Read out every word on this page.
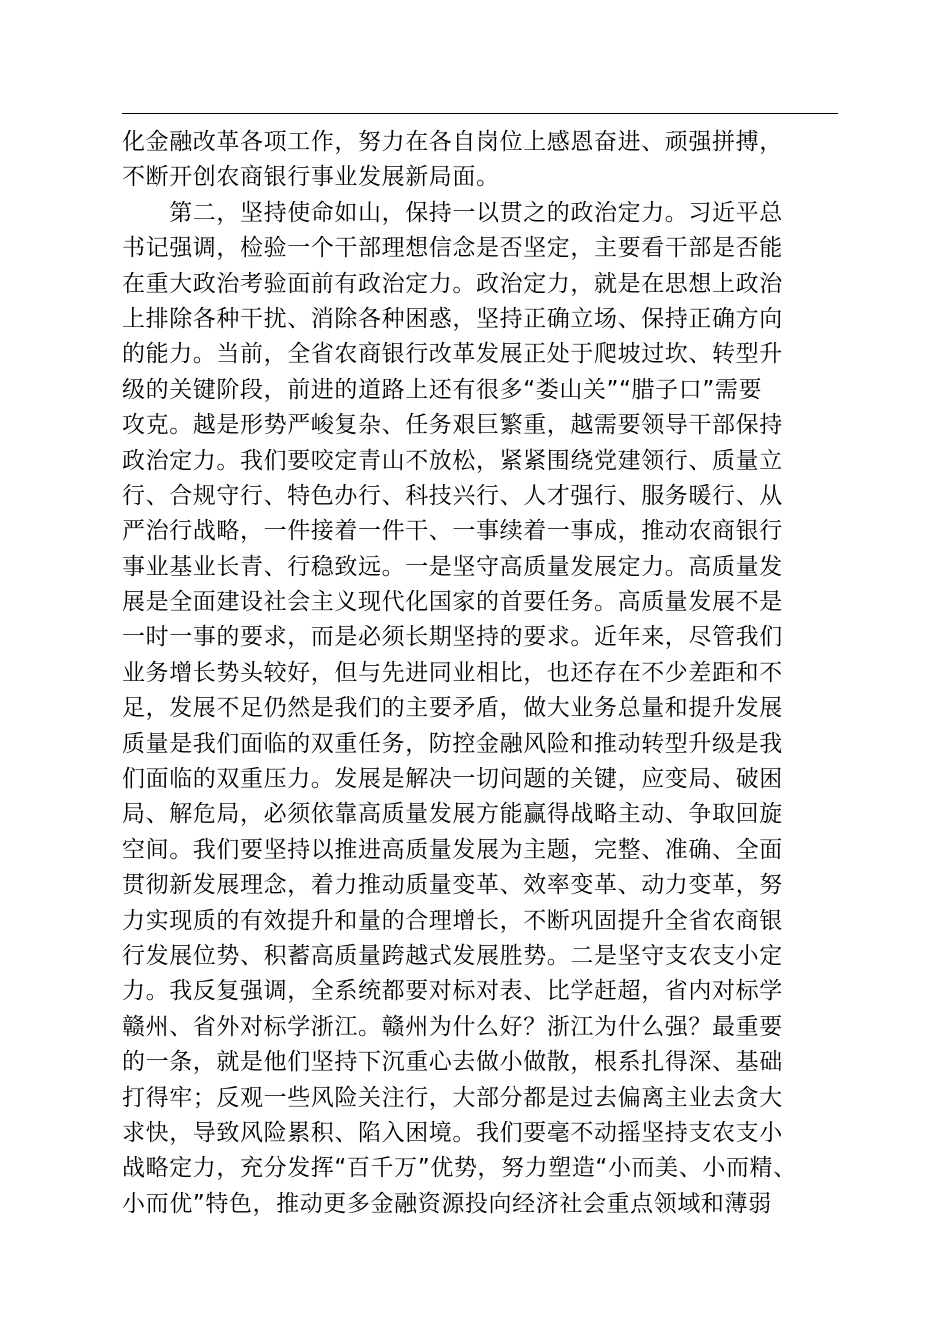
化金融改革各项工作，努力在各自岗位上感恩奋进、顽强拼搏，
不断开创农商银行事业发展新局面。
　　第二，坚持使命如山，保持一以贯之的政治定力。习近平总
书记强调，检验一个干部理想信念是否坚定，主要看干部是否能
在重大政治考验面前有政治定力。政治定力，就是在思想上政治
上排除各种干扰、消除各种困惑，坚持正确立场、保持正确方向
的能力。当前，全省农商银行改革发展正处于爬坡过坎、转型升
级的关键阶段，前进的道路上还有很多“娄山关”“腊子口”需要
攻克。越是形势严峻复杂、任务艰巨繁重，越需要领导干部保持
政治定力。我们要咬定青山不放松，紧紧围绕党建领行、质量立
行、合规守行、特色办行、科技兴行、人才强行、服务暖行、从
严治行战略，一件接着一件干、一事续着一事成，推动农商银行
事业基业长青、行稳致远。一是坚守高质量发展定力。高质量发
展是全面建设社会主义现代化国家的首要任务。高质量发展不是
一时一事的要求，而是必须长期坚持的要求。近年来，尽管我们
业务增长势头较好，但与先进同业相比，也还存在不少差距和不
足，发展不足仍然是我们的主要矛盾，做大业务总量和提升发展
质量是我们面临的双重任务，防控金融风险和推动转型升级是我
们面临的双重压力。发展是解决一切问题的关键，应变局、破困
局、解危局，必须依靠高质量发展方能赢得战略主动、争取回旋
空间。我们要坚持以推进高质量发展为主题，完整、准确、全面
贯彻新发展理念，着力推动质量变革、效率变革、动力变革，努
力实现质的有效提升和量的合理增长，不断巩固提升全省农商银
行发展位势、积蓄高质量跨越式发展胜势。二是坚守支农支小定
力。我反复强调，全系统都要对标对表、比学赶超，省内对标学
赣州、省外对标学浙江。赣州为什么好？浙江为什么强？最重要
的一条，就是他们坚持下沉重心去做小做散，根系扎得深、基础
打得牢；反观一些风险关注行，大部分都是过去偏离主业去贪大
求快，导致风险累积、陷入困境。我们要毫不动摇坚持支农支小
战略定力，充分发挥“百千万”优势，努力塑造“小而美、小而精、
小而优”特色，推动更多金融资源投向经济社会重点领域和薄弱
